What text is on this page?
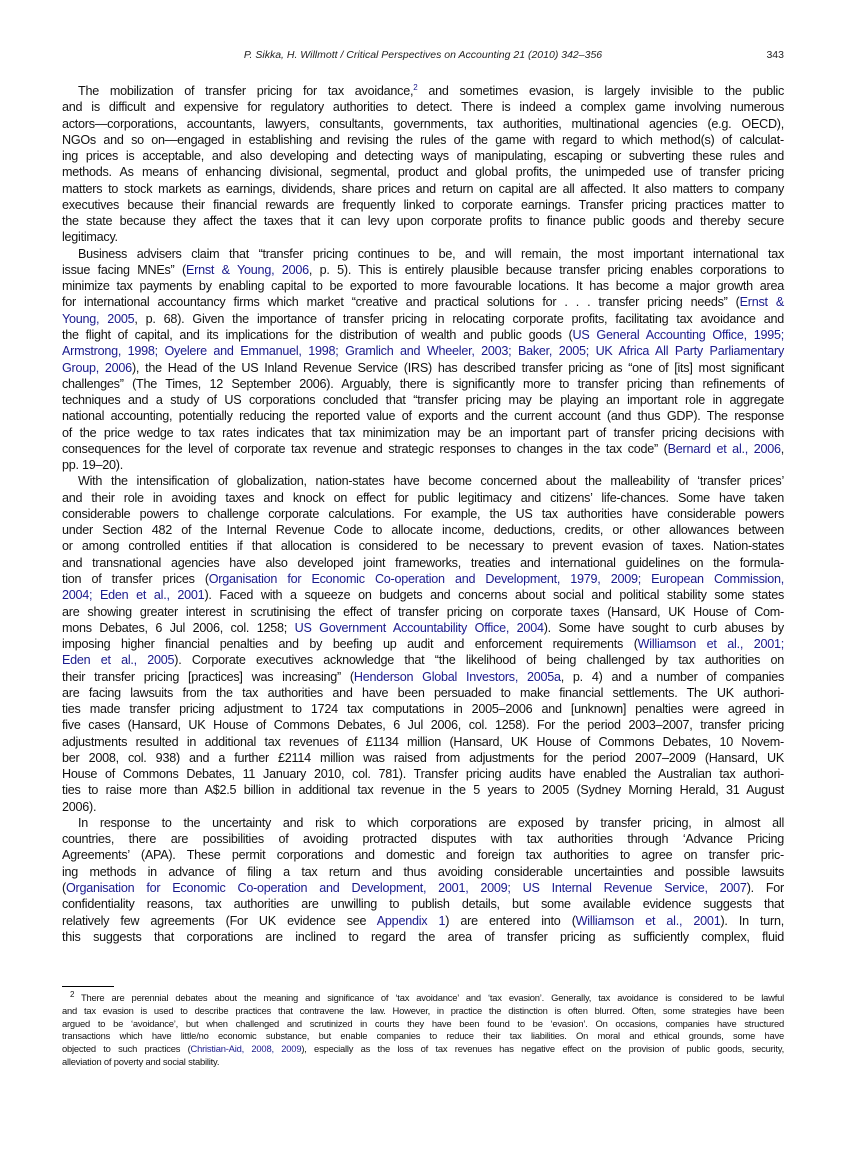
P. Sikka, H. Willmott / Critical Perspectives on Accounting 21 (2010) 342–356	343
The mobilization of transfer pricing for tax avoidance,$^2$ and sometimes evasion, is largely invisible to the public
and is difficult and expensive for regulatory authorities to detect. There is indeed a complex game involving numerous
actors—corporations, accountants, lawyers, consultants, governments, tax authorities, multinational agencies (e.g. OECD),
NGOs and so on—engaged in establishing and revising the rules of the game with regard to which method(s) of calculat-
ing prices is acceptable, and also developing and detecting ways of manipulating, escaping or subverting these rules and
methods. As means of enhancing divisional, segmental, product and global profits, the unimpeded use of transfer pricing
matters to stock markets as earnings, dividends, share prices and return on capital are all affected. It also matters to company
executives because their financial rewards are frequently linked to corporate earnings. Transfer pricing practices matter to
the state because they affect the taxes that it can levy upon corporate profits to finance public goods and thereby secure
legitimacy.
Business advisers claim that “transfer pricing continues to be, and will remain, the most important international tax
issue facing MNEs” (Ernst & Young, 2006, p. 5). This is entirely plausible because transfer pricing enables corporations to
minimize tax payments by enabling capital to be exported to more favourable locations. It has become a major growth area
for international accountancy firms which market “creative and practical solutions for . . . transfer pricing needs” (Ernst &
Young, 2005, p. 68). Given the importance of transfer pricing in relocating corporate profits, facilitating tax avoidance and
the flight of capital, and its implications for the distribution of wealth and public goods (US General Accounting Office, 1995;
Armstrong, 1998; Oyelere and Emmanuel, 1998; Gramlich and Wheeler, 2003; Baker, 2005; UK Africa All Party Parliamentary
Group, 2006), the Head of the US Inland Revenue Service (IRS) has described transfer pricing as “one of [its] most significant
challenges” (The Times, 12 September 2006). Arguably, there is significantly more to transfer pricing than refinements of
techniques and a study of US corporations concluded that “transfer pricing may be playing an important role in aggregate
national accounting, potentially reducing the reported value of exports and the current account (and thus GDP). The response
of the price wedge to tax rates indicates that tax minimization may be an important part of transfer pricing decisions with
consequences for the level of corporate tax revenue and strategic responses to changes in the tax code” (Bernard et al., 2006,
pp. 19–20).
With the intensification of globalization, nation-states have become concerned about the malleability of ‘transfer prices’
and their role in avoiding taxes and knock on effect for public legitimacy and citizens’ life-chances. Some have taken
considerable powers to challenge corporate calculations. For example, the US tax authorities have considerable powers
under Section 482 of the Internal Revenue Code to allocate income, deductions, credits, or other allowances between
or among controlled entities if that allocation is considered to be necessary to prevent evasion of taxes. Nation-states
and transnational agencies have also developed joint frameworks, treaties and international guidelines on the formula-
tion of transfer prices (Organisation for Economic Co-operation and Development, 1979, 2009; European Commission,
2004; Eden et al., 2001). Faced with a squeeze on budgets and concerns about social and political stability some states
are showing greater interest in scrutinising the effect of transfer pricing on corporate taxes (Hansard, UK House of Com-
mons Debates, 6 Jul 2006, col. 1258; US Government Accountability Office, 2004). Some have sought to curb abuses by
imposing higher financial penalties and by beefing up audit and enforcement requirements (Williamson et al., 2001;
Eden et al., 2005). Corporate executives acknowledge that “the likelihood of being challenged by tax authorities on
their transfer pricing [practices] was increasing” (Henderson Global Investors, 2005a, p. 4) and a number of companies
are facing lawsuits from the tax authorities and have been persuaded to make financial settlements. The UK authori-
ties made transfer pricing adjustment to 1724 tax computations in 2005–2006 and [unknown] penalties were agreed in
five cases (Hansard, UK House of Commons Debates, 6 Jul 2006, col. 1258). For the period 2003–2007, transfer pricing
adjustments resulted in additional tax revenues of £1134 million (Hansard, UK House of Commons Debates, 10 Novem-
ber 2008, col. 938) and a further £2114 million was raised from adjustments for the period 2007–2009 (Hansard, UK
House of Commons Debates, 11 January 2010, col. 781). Transfer pricing audits have enabled the Australian tax authori-
ties to raise more than A$2.5 billion in additional tax revenue in the 5 years to 2005 (Sydney Morning Herald, 31 August
2006).
In response to the uncertainty and risk to which corporations are exposed by transfer pricing, in almost all
countries, there are possibilities of avoiding protracted disputes with tax authorities through ‘Advance Pricing
Agreements’ (APA). These permit corporations and domestic and foreign tax authorities to agree on transfer pric-
ing methods in advance of filing a tax return and thus avoiding considerable uncertainties and possible lawsuits
(Organisation for Economic Co-operation and Development, 2001, 2009; US Internal Revenue Service, 2007). For
confidentiality reasons, tax authorities are unwilling to publish details, but some available evidence suggests that
relatively few agreements (For UK evidence see Appendix 1) are entered into (Williamson et al., 2001). In turn,
this suggests that corporations are inclined to regard the area of transfer pricing as sufficiently complex, fluid
$^2$ There are perennial debates about the meaning and significance of ‘tax avoidance’ and ‘tax evasion’. Generally, tax avoidance is considered to be lawful
and tax evasion is used to describe practices that contravene the law. However, in practice the distinction is often blurred. Often, some strategies have been
argued to be ‘avoidance’, but when challenged and scrutinized in courts they have been found to be ‘evasion’. On occasions, companies have structured
transactions which have little/no economic substance, but enable companies to reduce their tax liabilities. On moral and ethical grounds, some have
objected to such practices (Christian-Aid, 2008, 2009), especially as the loss of tax revenues has negative effect on the provision of public goods, security,
alleviation of poverty and social stability.
